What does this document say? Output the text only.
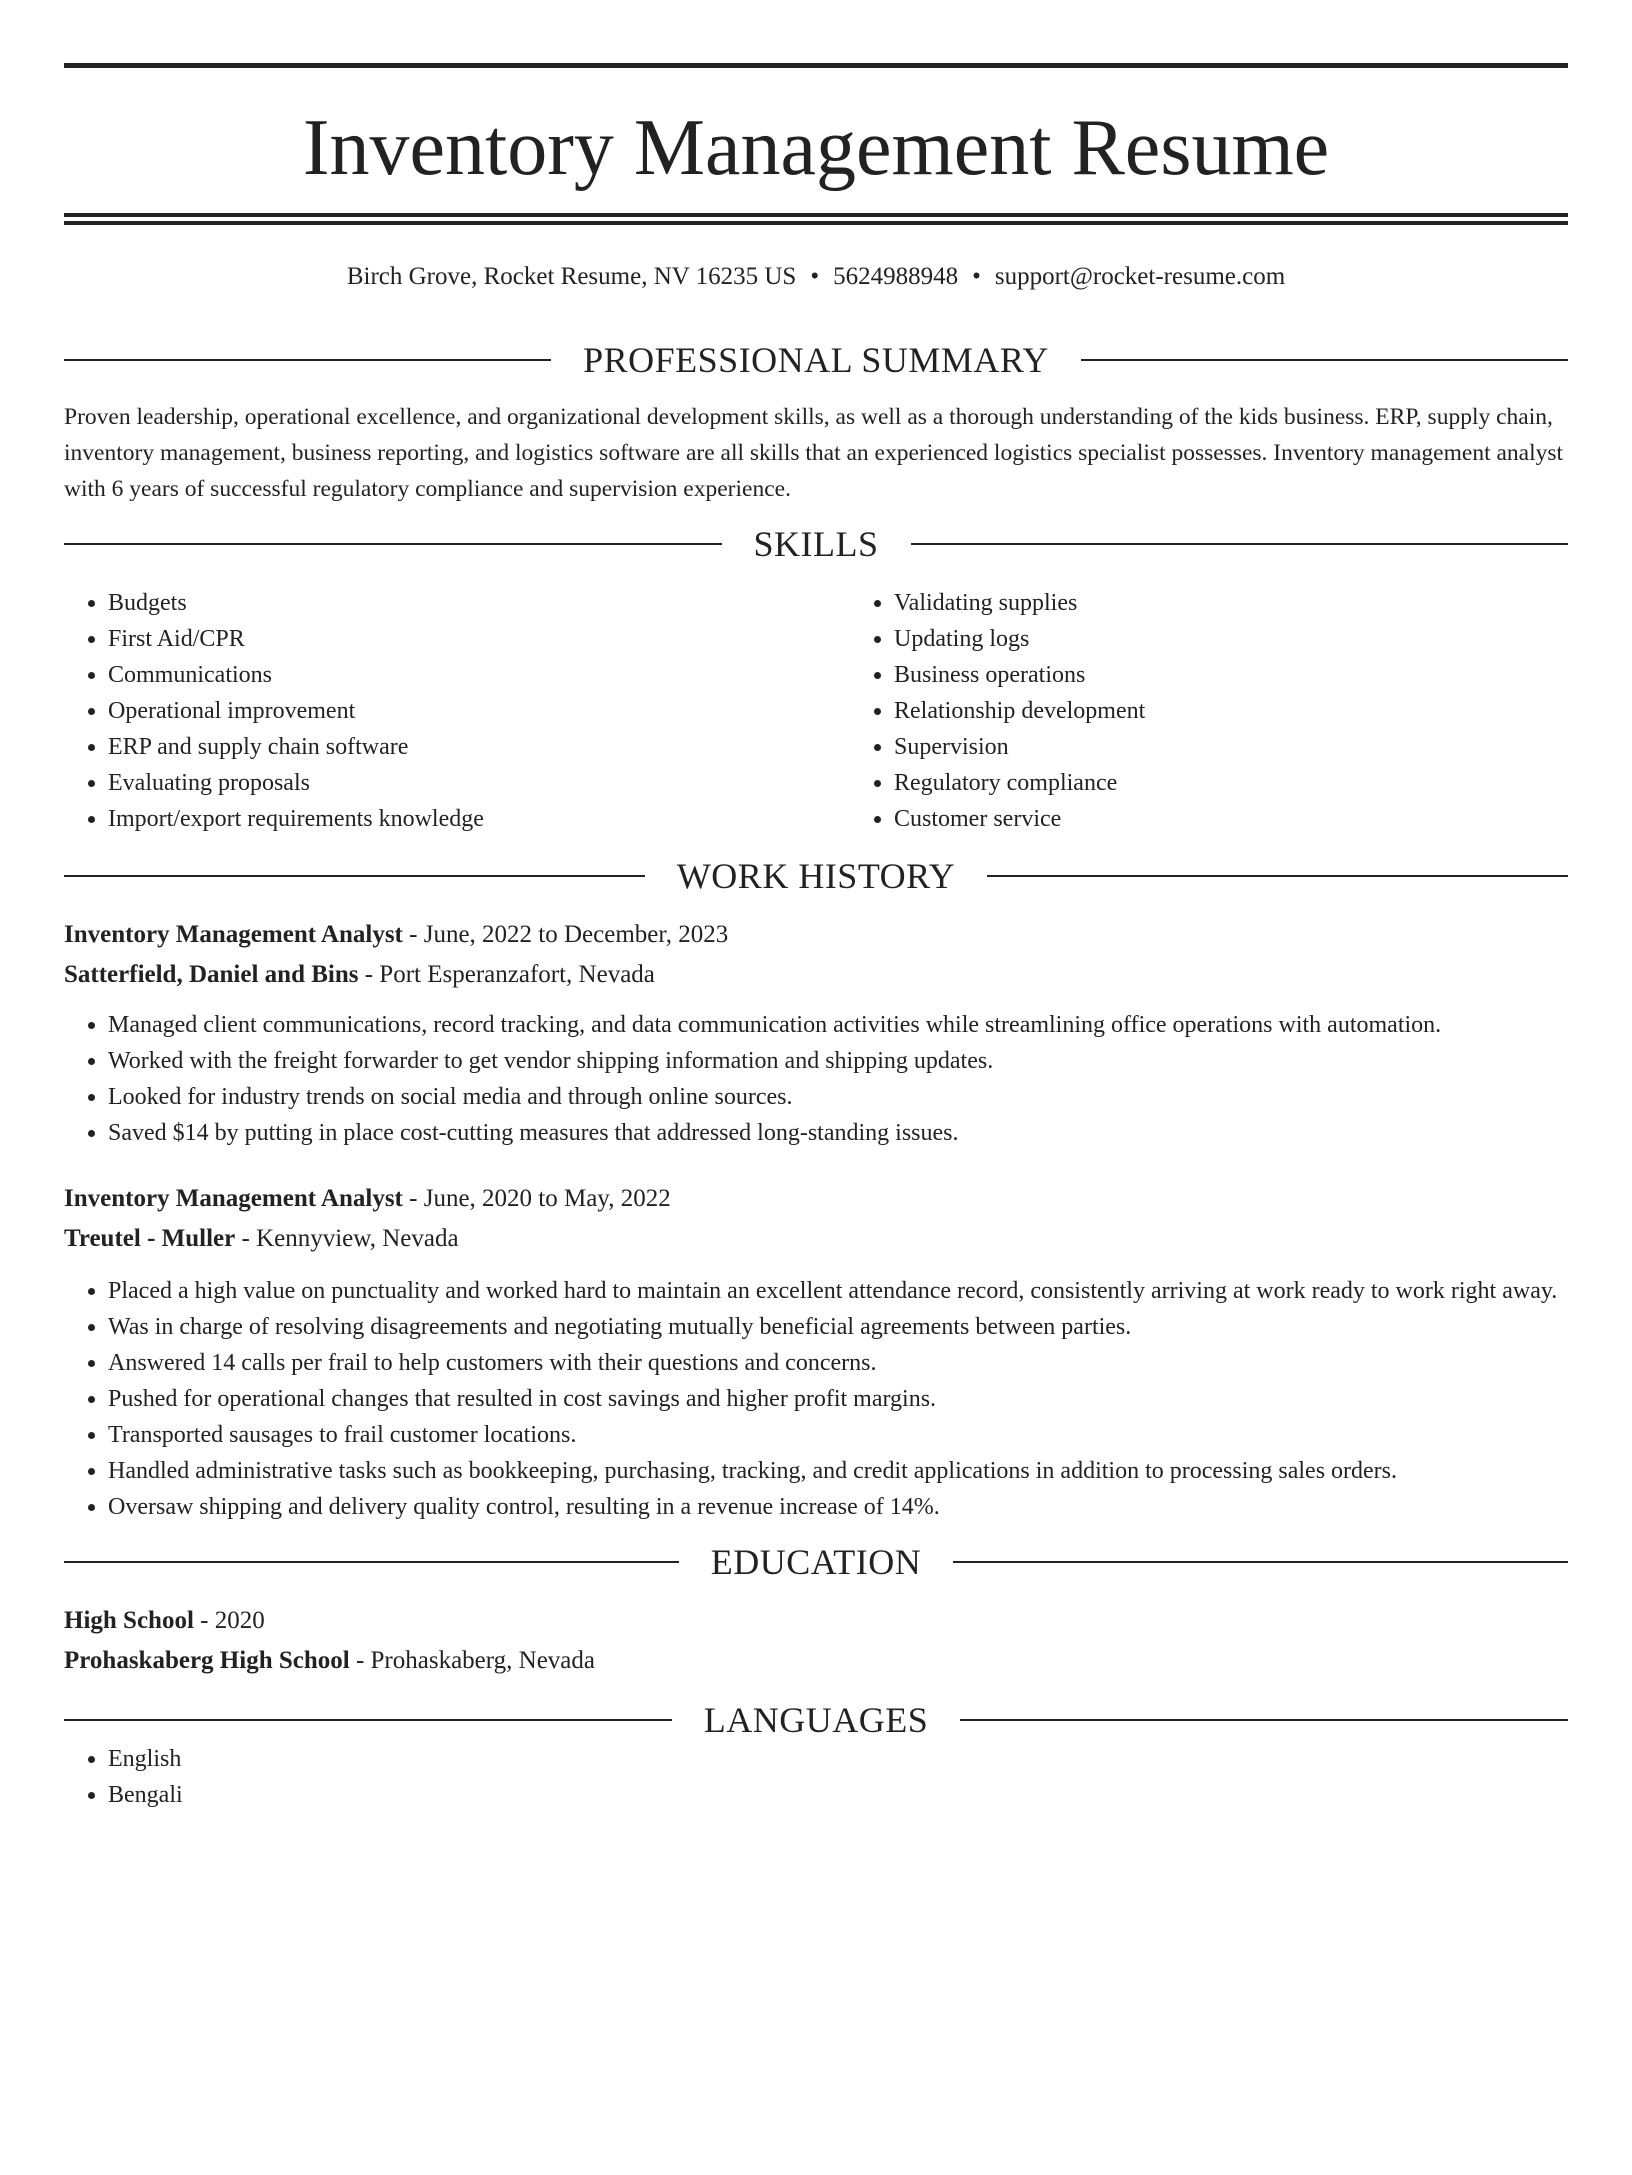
Inventory Management Resume
Birch Grove, Rocket Resume, NV 16235 US • 5624988948 • support@rocket-resume.com
PROFESSIONAL SUMMARY

Proven leadership, operational excellence, and organizational development skills, as well as a thorough understanding of the kids business. ERP, supply chain, inventory management, business reporting, and logistics software are all skills that an experienced logistics specialist possesses. Inventory management analyst with 6 years of successful regulatory compliance and supervision experience.

SKILLS
• Budgets
• First Aid/CPR
• Communications
• Operational improvement
• ERP and supply chain software
• Evaluating proposals
• Import/export requirements knowledge
• Validating supplies
• Updating logs
• Business operations
• Relationship development
• Supervision
• Regulatory compliance
• Customer service
WORK HISTORY
Inventory Management Analyst - June, 2022 to December, 2023
Satterfield, Daniel and Bins - Port Esperanzafort, Nevada
• Managed client communications, record tracking, and data communication activities while streamlining office operations with automation.
• Worked with the freight forwarder to get vendor shipping information and shipping updates.
• Looked for industry trends on social media and through online sources.
• Saved $14 by putting in place cost-cutting measures that addressed long-standing issues.
Inventory Management Analyst - June, 2020 to May, 2022
Treutel - Muller - Kennyview, Nevada
• Placed a high value on punctuality and worked hard to maintain an excellent attendance record, consistently arriving at work ready to work right away.
• Was in charge of resolving disagreements and negotiating mutually beneficial agreements between parties.
• Answered 14 calls per frail to help customers with their questions and concerns.
• Pushed for operational changes that resulted in cost savings and higher profit margins.
• Transported sausages to frail customer locations.
• Handled administrative tasks such as bookkeeping, purchasing, tracking, and credit applications in addition to processing sales orders.
• Oversaw shipping and delivery quality control, resulting in a revenue increase of 14%.
EDUCATION
High School - 2020
Prohaskaberg High School - Prohaskaberg, Nevada
LANGUAGES
• English
• Bengali
